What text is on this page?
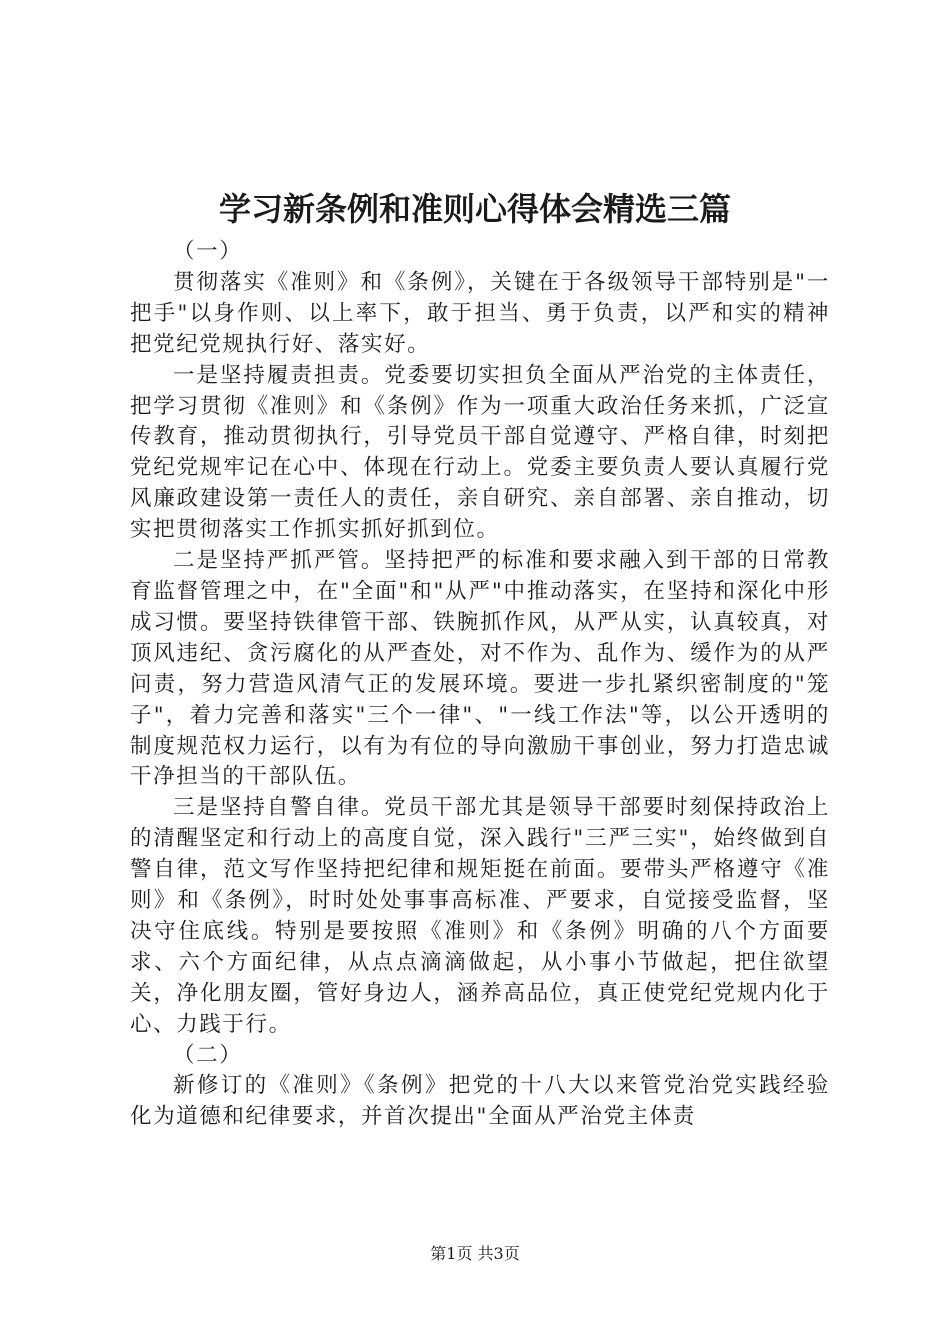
学习新条例和准则心得体会精选三篇

（一）

贯彻落实《准则》和《条例》，关键在于各级领导干部特别是"一把手"以身作则、以上率下，敢于担当、勇于负责，以严和实的精神把党纪党规执行好、落实好。

一是坚持履责担责。党委要切实担负全面从严治党的主体责任，把学习贯彻《准则》和《条例》作为一项重大政治任务来抓，广泛宣传教育，推动贯彻执行，引导党员干部自觉遵守、严格自律，时刻把党纪党规牢记在心中、体现在行动上。党委主要负责人要认真履行党风廉政建设第一责任人的责任，亲自研究、亲自部署、亲自推动，切实把贯彻落实工作抓实抓好抓到位。

二是坚持严抓严管。坚持把严的标准和要求融入到干部的日常教育监督管理之中，在"全面"和"从严"中推动落实，在坚持和深化中形成习惯。要坚持铁律管干部、铁腕抓作风，从严从实，认真较真，对顶风违纪、贪污腐化的从严查处，对不作为、乱作为、缓作为的从严问责，努力营造风清气正的发展环境。要进一步扎紧织密制度的"笼子"，着力完善和落实"三个一律"、"一线工作法"等，以公开透明的制度规范权力运行，以有为有位的导向激励干事创业，努力打造忠诚干净担当的干部队伍。

三是坚持自警自律。党员干部尤其是领导干部要时刻保持政治上的清醒坚定和行动上的高度自觉，深入践行"三严三实"，始终做到自警自律，范文写作坚持把纪律和规矩挺在前面。要带头严格遵守《准则》和《条例》，时时处处事事高标准、严要求，自觉接受监督，坚决守住底线。特别是要按照《准则》和《条例》明确的八个方面要求、六个方面纪律，从点点滴滴做起，从小事小节做起，把住欲望关，净化朋友圈，管好身边人，涵养高品位，真正使党纪党规内化于心、力践于行。

（二）

新修订的《准则》《条例》把党的十八大以来管党治党实践经验化为道德和纪律要求，并首次提出"全面从严治党主体责

第1页 共3页
